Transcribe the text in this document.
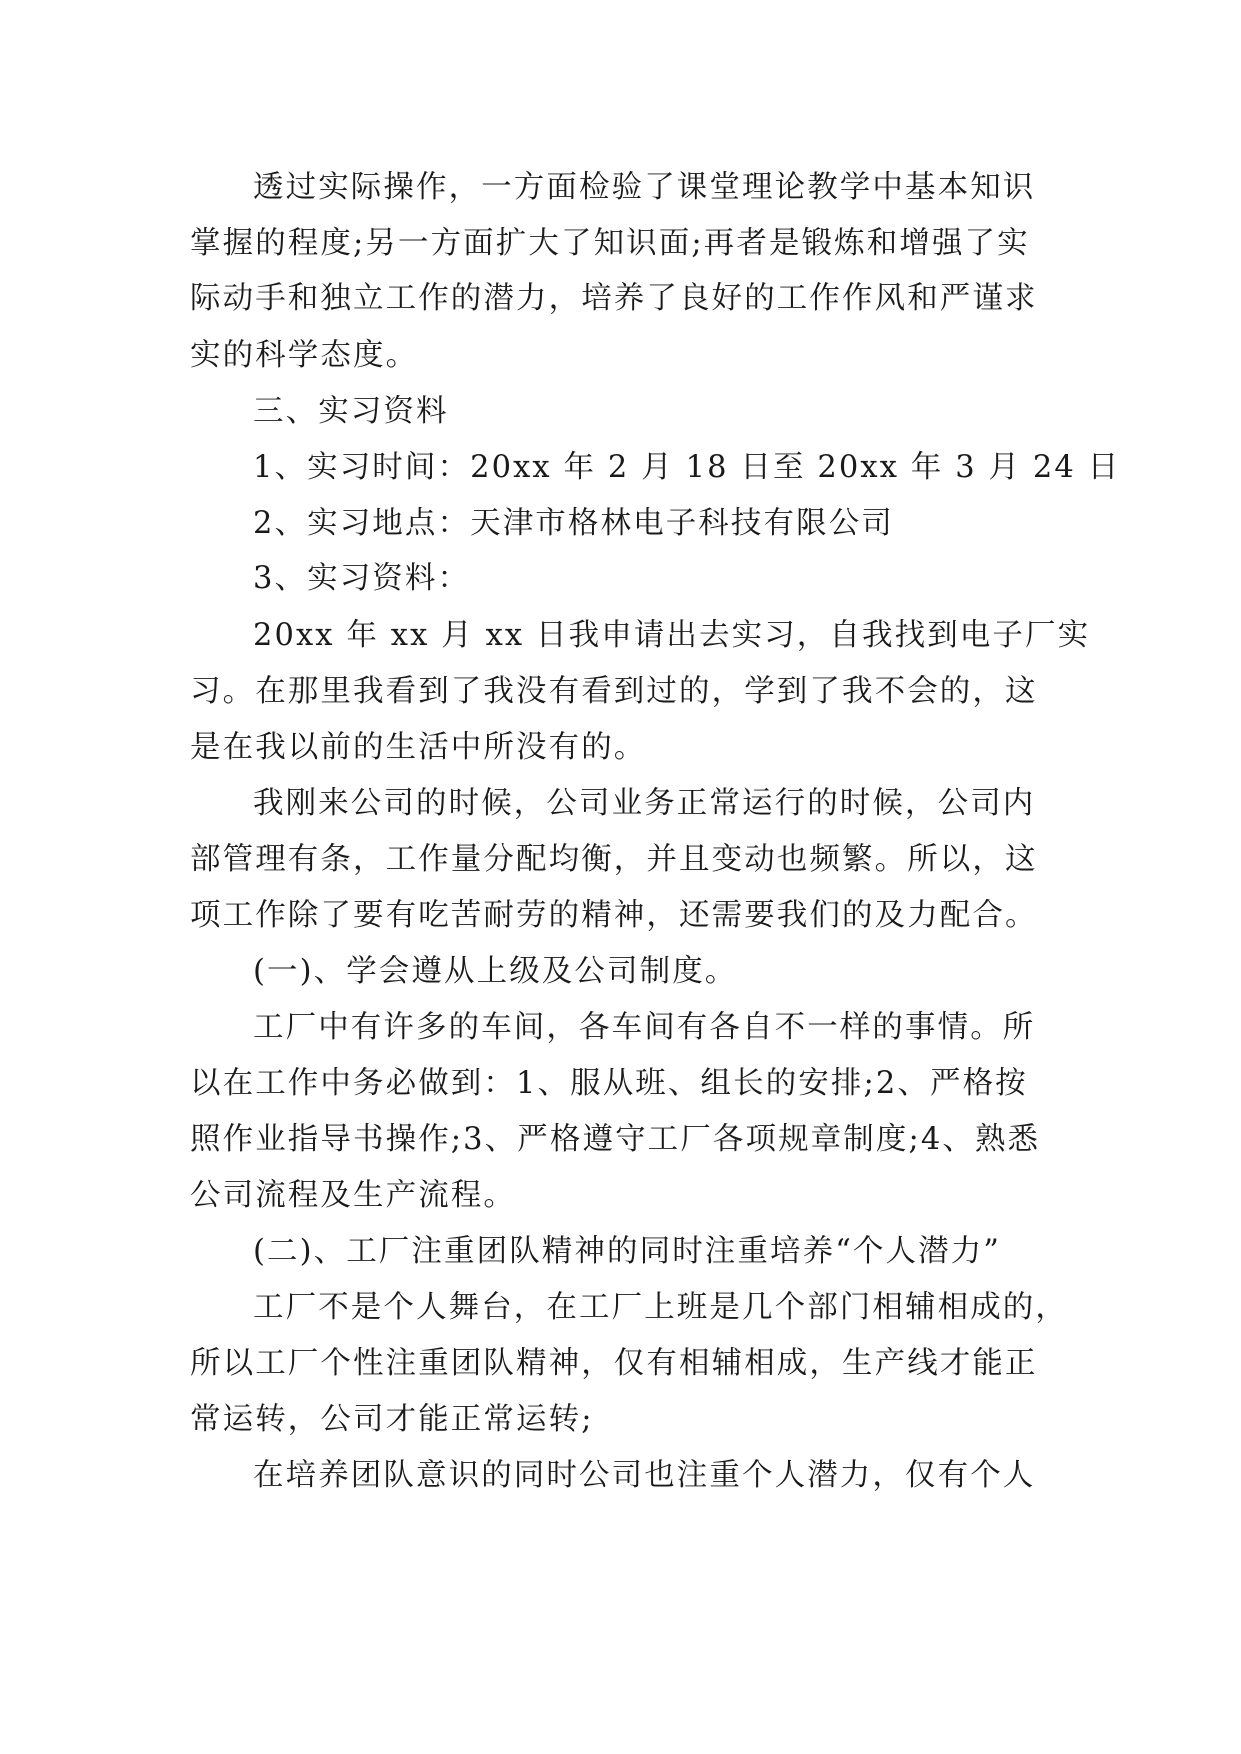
透过实际操作，一方面检验了课堂理论教学中基本知识

掌握的程度;另一方面扩大了知识面;再者是锻炼和增强了实

际动手和独立工作的潜力，培养了良好的工作作风和严谨求

实的科学态度。

三、实习资料

1、实习时间：20xx 年 2 月 18 日至 20xx 年 3 月 24 日

2、实习地点：天津市格林电子科技有限公司

3、实习资料：

20xx 年 xx 月 xx 日我申请出去实习，自我找到电子厂实

习。在那里我看到了我没有看到过的，学到了我不会的，这

是在我以前的生活中所没有的。

我刚来公司的时候，公司业务正常运行的时候，公司内

部管理有条，工作量分配均衡，并且变动也频繁。所以，这

项工作除了要有吃苦耐劳的精神，还需要我们的及力配合。

(一)、学会遵从上级及公司制度。

工厂中有许多的车间，各车间有各自不一样的事情。所

以在工作中务必做到：1、服从班、组长的安排;2、严格按

照作业指导书操作;3、严格遵守工厂各项规章制度;4、熟悉

公司流程及生产流程。

(二)、工厂注重团队精神的同时注重培养“个人潜力”

工厂不是个人舞台，在工厂上班是几个部门相辅相成的，

所以工厂个性注重团队精神，仅有相辅相成，生产线才能正

常运转，公司才能正常运转;

在培养团队意识的同时公司也注重个人潜力，仅有个人
